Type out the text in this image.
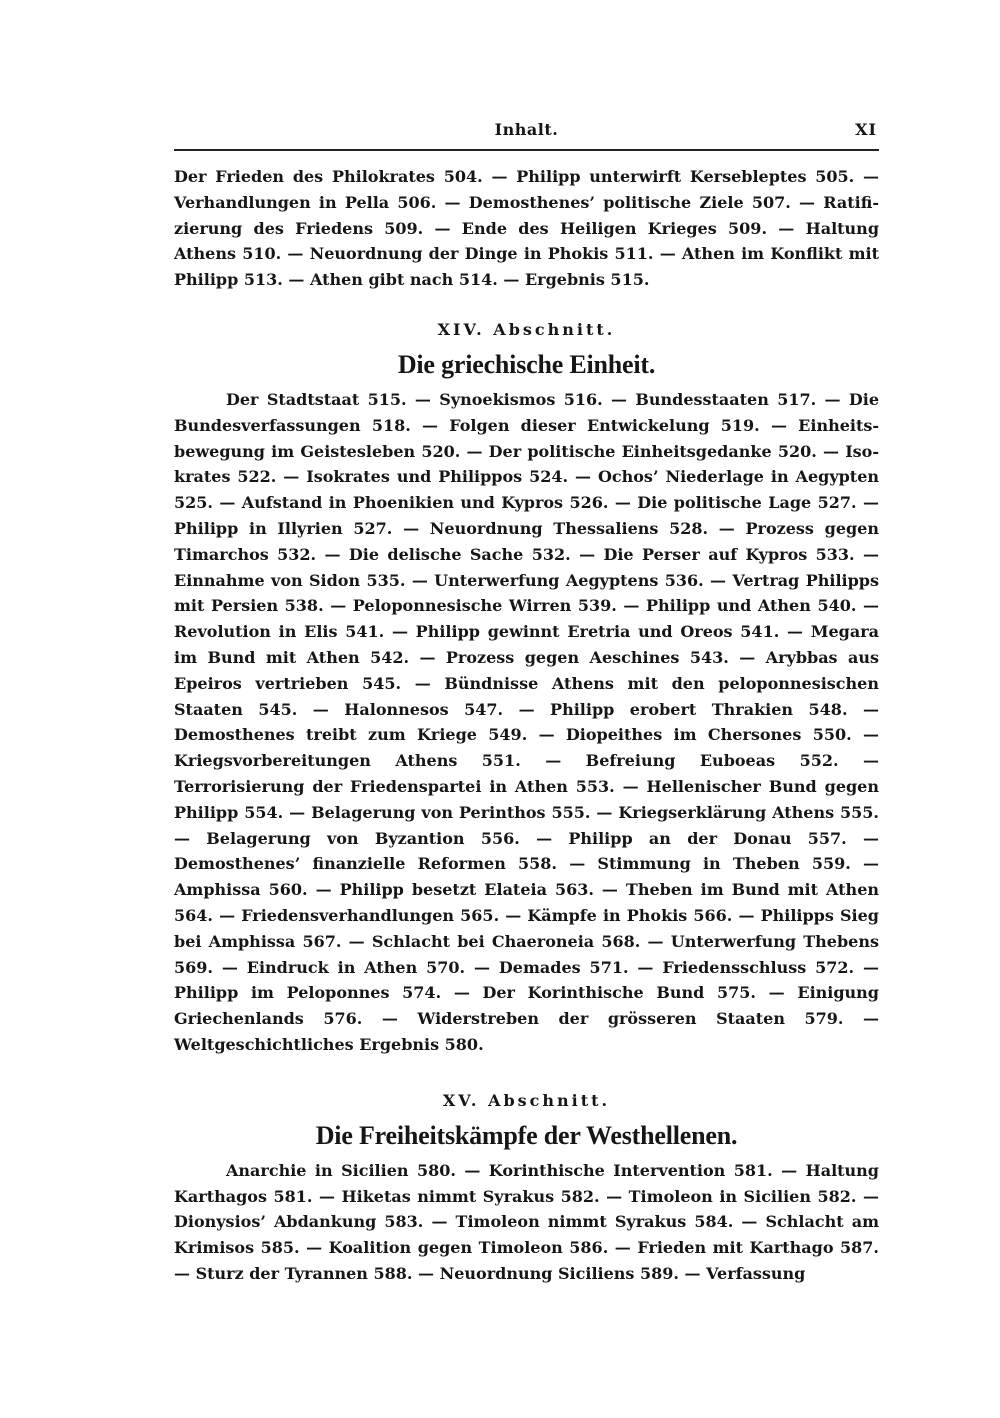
Inhalt.	XI

Der Frieden des Philokrates 504. — Philipp unterwirft Kersebleptes 505. — Verhandlungen in Pella 506. — Demosthenes’ politische Ziele 507. — Ratifizierung des Friedens 509. — Ende des Heiligen Krieges 509. — Haltung Athens 510. — Neuordnung der Dinge in Phokis 511. — Athen im Konflikt mit Philipp 513. — Athen gibt nach 514. — Ergebnis 515.

XIV. Abschnitt.
Die griechische Einheit.

Der Stadtstaat 515. — Synoekismos 516. — Bundesstaaten 517. — Die Bundesverfassungen 518. — Folgen dieser Entwickelung 519. — Einheitsbewegung im Geistesleben 520. — Der politische Einheitsgedanke 520. — Isokrates 522. — Isokrates und Philippos 524. — Ochos’ Niederlage in Aegypten 525. — Aufstand in Phoenikien und Kypros 526. — Die politische Lage 527. — Philipp in Illyrien 527. — Neuordnung Thessaliens 528. — Prozess gegen Timarchos 532. — Die delische Sache 532. — Die Perser auf Kypros 533. — Einnahme von Sidon 535. — Unterwerfung Aegyptens 536. — Vertrag Philipps mit Persien 538. — Peloponnesische Wirren 539. — Philipp und Athen 540. — Revolution in Elis 541. — Philipp gewinnt Eretria und Oreos 541. — Megara im Bund mit Athen 542. — Prozess gegen Aeschines 543. — Arybbas aus Epeiros vertrieben 545. — Bündnisse Athens mit den peloponnesischen Staaten 545. — Halonnesos 547. — Philipp erobert Thrakien 548. — Demosthenes treibt zum Kriege 549. — Diopeithes im Chersones 550. — Kriegsvorbereitungen Athens 551. — Befreiung Euboeas 552. — Terrorisierung der Friedenspartei in Athen 553. — Hellenischer Bund gegen Philipp 554. — Belagerung von Perinthos 555. — Kriegserklärung Athens 555. — Belagerung von Byzantion 556. — Philipp an der Donau 557. — Demosthenes’ finanzielle Reformen 558. — Stimmung in Theben 559. — Amphissa 560. — Philipp besetzt Elateia 563. — Theben im Bund mit Athen 564. — Friedensverhandlungen 565. — Kämpfe in Phokis 566. — Philipps Sieg bei Amphissa 567. — Schlacht bei Chaeroneia 568. — Unterwerfung Thebens 569. — Eindruck in Athen 570. — Demades 571. — Friedensschluss 572. — Philipp im Peloponnes 574. — Der Korinthische Bund 575. — Einigung Griechenlands 576. — Widerstreben der grösseren Staaten 579. — Weltgeschichtliches Ergebnis 580.

XV. Abschnitt.
Die Freiheitskämpfe der Westhellenen.

Anarchie in Sicilien 580. — Korinthische Intervention 581. — Haltung Karthagos 581. — Hiketas nimmt Syrakus 582. — Timoleon in Sicilien 582. — Dionysios’ Abdankung 583. — Timoleon nimmt Syrakus 584. — Schlacht am Krimisos 585. — Koalition gegen Timoleon 586. — Frieden mit Karthago 587. — Sturz der Tyrannen 588. — Neuordnung Siciliens 589. — Verfassung
